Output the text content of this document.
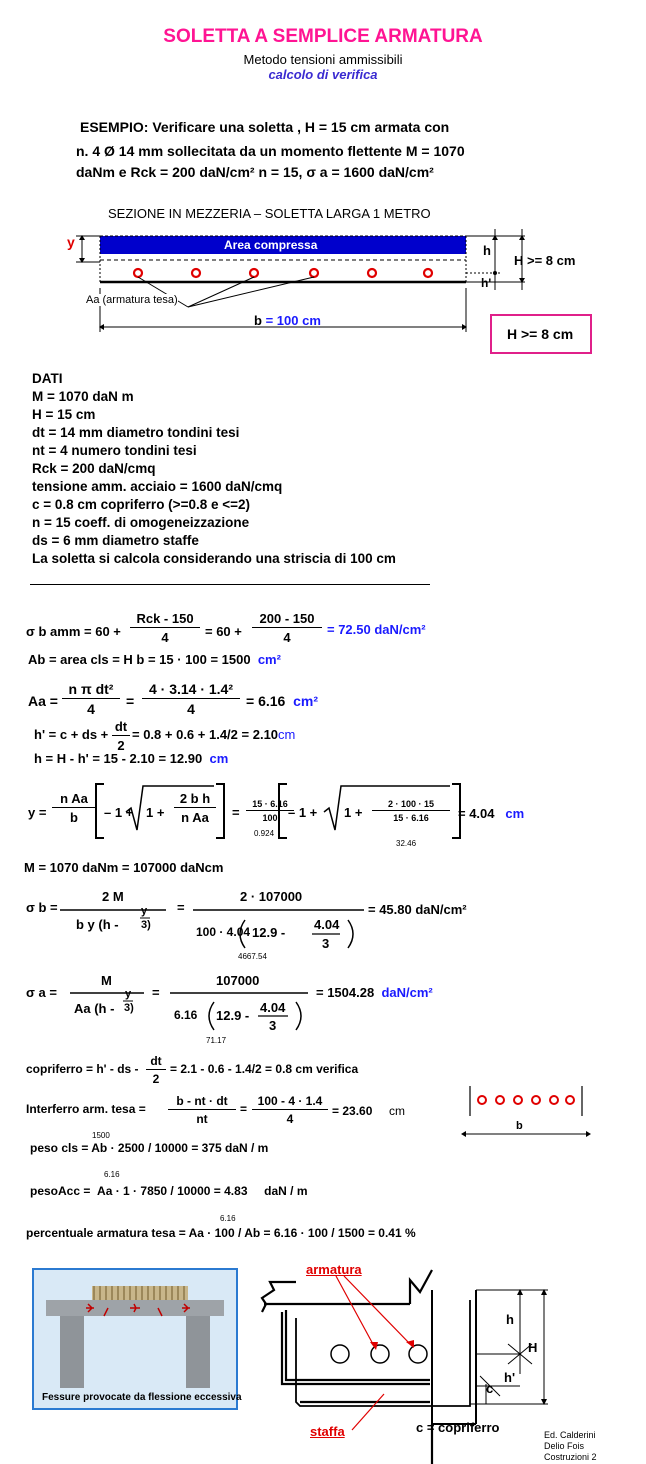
SOLETTA A SEMPLICE ARMATURA
Metodo tensioni ammissibili
calcolo di verifica
ESEMPIO: Verificare una soletta , H = 15 cm armata con
n. 4 Ø 14 mm sollecitata da un momento flettente M = 1070
daNm e Rck = 200 daN/cm² n = 15, σ a = 1600 daN/cm²
SEZIONE IN MEZZERIA – SOLETTA LARGA 1 METRO
Area compressa
y
h
h'
H >= 8 cm
Aa (armatura tesa)
b = 100 cm
H >= 8 cm
DATI
M = 1070 daN m
H = 15 cm
dt = 14 mm diametro tondini tesi
nt = 4 numero tondini tesi
Rck = 200 daN/cmq
tensione amm. acciaio = 1600 daN/cmq
c = 0.8 cm copriferro (>=0.8 e <=2)
n = 15 coeff. di omogeneizzazione
ds = 6 mm diametro staffe
La soletta si calcola considerando una striscia di 100 cm
σ b amm = 60 +
Rck - 150
4	= $60 + \frac{200 - 150}{4} = 72.50$ daN/cm²
Ab = area cls = H b = 15 · 100 = 1500 cm²
$Aa = \frac{\text{n π dt²}}{4} = \frac{\text{4 · 3.14 · 1.4²}}{4} = 6.16$ cm²
h' = c + ds + $\frac{dt}{2} = 0.8 + 0.6 + 1.4/2 = 2.10cm$
h = H - h' = 15 - 2.10 = 12.90 cm
$y = \frac{\text{n Aa}}{b} - 1 + 1 + \frac{\text{2 b h}}{\text{n Aa}} = \frac{15 \cdot 6.16}{100}$
0.924
– $1 + 1 + \frac{2 \cdot 100 \cdot 15}{15 \cdot 6.16}$
32.46
= 4.04 cm
M = 1070 daNm = 107000 daNcm
σ b =
2 M
b y (h -
y
3)
=
2 · 107000
100 · 4.04 12.9 -
4.04
3
4667.54
= 45.80 daN/cm²
σ a =
M
Aa (h -
y
3)
=
107000
6.16 12.9 -
4.04
3
71.17
= 1504.28 daN/cm²
copriferro = h' - ds - $\frac{dt}{2} = 2.1 - 0.6 - 1.4/2 = 0.8$ cm verifica
Interferro arm. tesa = $\frac{b - nt \cdot dt}{nt} = \frac{100 - 4 \cdot 1.4}{4} = 23.60$ cm
b
1500
peso cls = Ab · 2500 / 10000 = 375 daN / m
6.16
pesoAcc = Aa · 1 · 7850 / 10000 = 4.83 daN / m
6.16
percentuale armatura tesa = Aa · 100 / Ab = 6.16 · 100 / 1500 = 0.41 %
Fessure provocate da flessione eccessiva
armatura
staffa
h
H
h'
c
c = copriferro	Ed. Calderini
Delio Fois
Costruzioni 2
